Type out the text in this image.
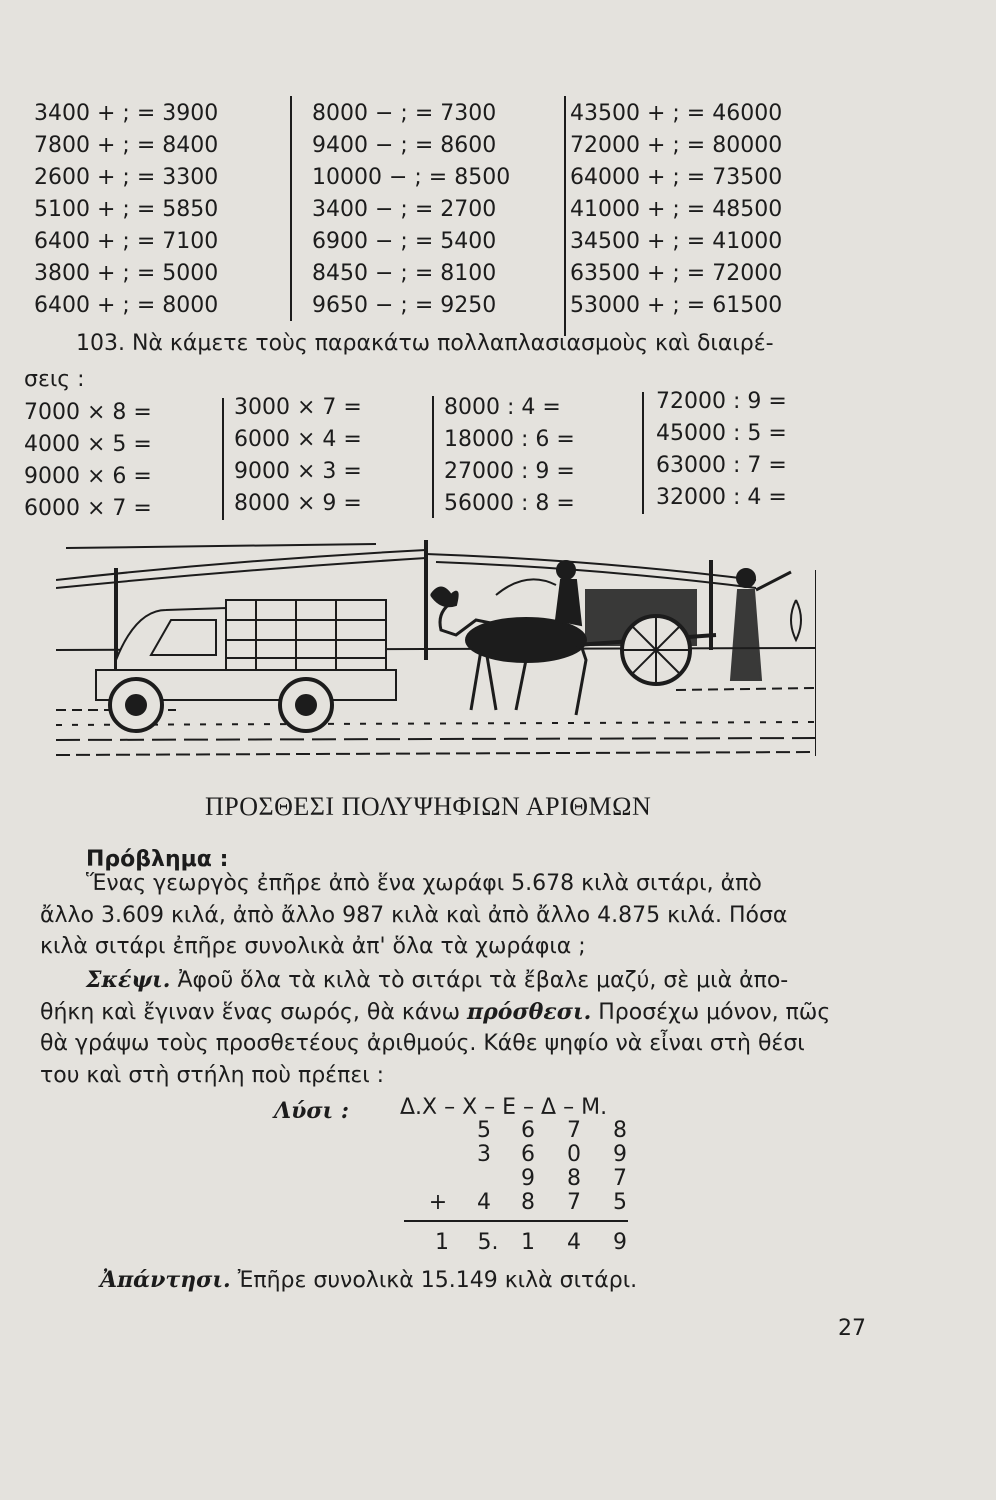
3400 + ; = 3900
7800 + ; = 8400
2600 + ; = 3300
5100 + ; = 5850
6400 + ; = 7100
3800 + ; = 5000
6400 + ; = 8000
8000 − ; = 7300
9400 − ; = 8600
10000 − ; = 8500
3400 − ; = 2700
6900 − ; = 5400
8450 − ; = 8100
9650 − ; = 9250
43500 + ; = 46000
72000 + ; = 80000
64000 + ; = 73500
41000 + ; = 48500
34500 + ; = 41000
63500 + ; = 72000
53000 + ; = 61500
103. Νὰ κάμετε τοὺς παρακάτω πολλαπλασιασμοὺς καὶ διαιρέ-
σεις :
7000 × 8 =
4000 × 5 =
9000 × 6 =
6000 × 7 =
3000 × 7 =
6000 × 4 =
9000 × 3 =
8000 × 9 =
8000 : 4 =
18000 : 6 =
27000 : 9 =
56000 : 8 =
72000 : 9 =
45000 : 5 =
63000 : 7 =
32000 : 4 =
ΠΡΟΣΘΕΣΙ ΠΟΛΥΨΗΦΙΩΝ ΑΡΙΘΜΩΝ
Πρόβλημα :
Ἕνας γεωργὸς ἐπῆρε ἀπὸ ἕνα χωράφι 5.678 κιλὰ σιτάρι, ἀπὸ
ἄλλο 3.609 κιλά, ἀπὸ ἄλλο 987 κιλὰ καὶ ἀπὸ ἄλλο 4.875 κιλά. Πόσα
κιλὰ σιτάρι ἐπῆρε συνολικὰ ἀπ' ὅλα τὰ χωράφια ;
Σκέψι. Ἀφοῦ ὅλα τὰ κιλὰ τὸ σιτάρι τὰ ἔβαλε μαζύ, σὲ μιὰ ἀπο-
θήκη καὶ ἔγιναν ἕνας σωρός, θὰ κάνω πρόσθεσι. Προσέχω μόνον, πῶς
θὰ γράψω τοὺς προσθετέους ἀριθμούς. Κάθε ψηφίο νὰ εἶναι στὴ θέσι
του καὶ στὴ στήλη ποὺ πρέπει :
Λύσι : Δ.Χ – Χ – Ε – Δ – Μ.
5 6 7 8
3 6 0 9
9 8 7
+ 4 8 7 5
1 5. 1 4 9
Ἀπάντησι. Ἐπῆρε συνολικὰ 15.149 κιλὰ σιτάρι.
27
